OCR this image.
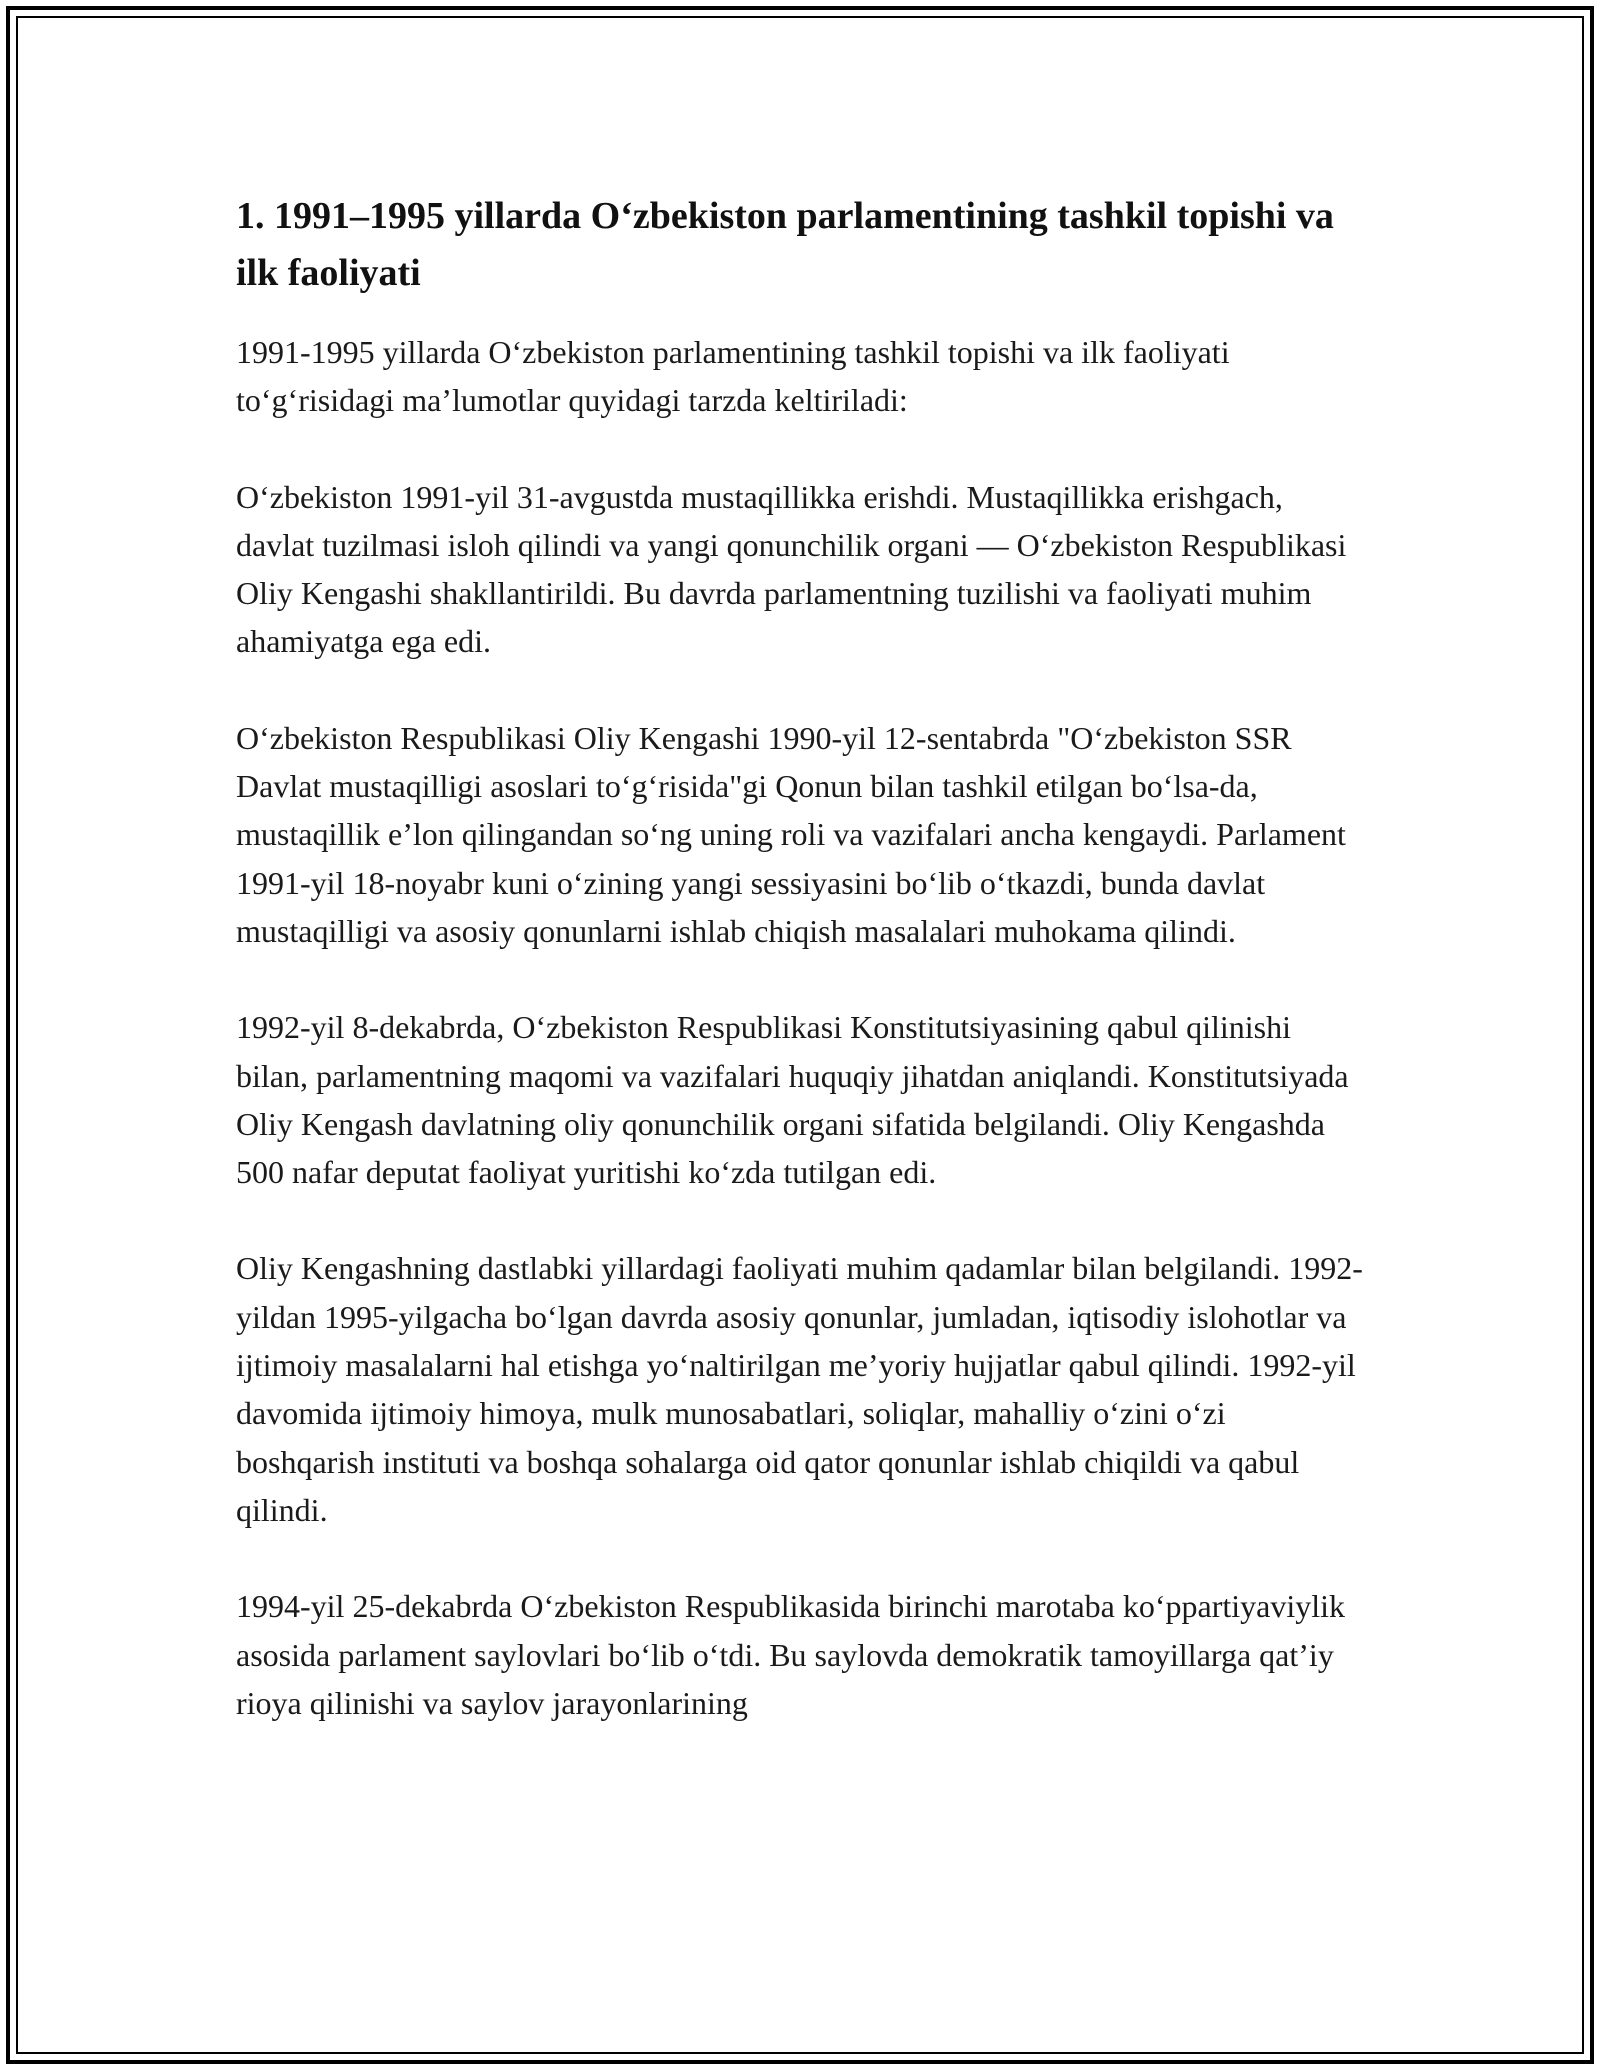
1. 1991–1995 yillarda O‘zbekiston parlamentining tashkil topishi va ilk faoliyati

1991-1995 yillarda O‘zbekiston parlamentining tashkil topishi va ilk faoliyati to‘g‘risidagi ma’lumotlar quyidagi tarzda keltiriladi:

O‘zbekiston 1991-yil 31-avgustda mustaqillikka erishdi. Mustaqillikka erishgach, davlat tuzilmasi isloh qilindi va yangi qonunchilik organi — O‘zbekiston Respublikasi Oliy Kengashi shakllantirildi. Bu davrda parlamentning tuzilishi va faoliyati muhim ahamiyatga ega edi.

O‘zbekiston Respublikasi Oliy Kengashi 1990-yil 12-sentabrda "O‘zbekiston SSR Davlat mustaqilligi asoslari to‘g‘risida"gi Qonun bilan tashkil etilgan bo‘lsa-da, mustaqillik e’lon qilingandan so‘ng uning roli va vazifalari ancha kengaydi. Parlament 1991-yil 18-noyabr kuni o‘zining yangi sessiyasini bo‘lib o‘tkazdi, bunda davlat mustaqilligi va asosiy qonunlarni ishlab chiqish masalalari muhokama qilindi.

1992-yil 8-dekabrda, O‘zbekiston Respublikasi Konstitutsiyasining qabul qilinishi bilan, parlamentning maqomi va vazifalari huquqiy jihatdan aniqlandi. Konstitutsiyada Oliy Kengash davlatning oliy qonunchilik organi sifatida belgilandi. Oliy Kengashda 500 nafar deputat faoliyat yuritishi ko‘zda tutilgan edi.

Oliy Kengashning dastlabki yillardagi faoliyati muhim qadamlar bilan belgilandi. 1992-yildan 1995-yilgacha bo‘lgan davrda asosiy qonunlar, jumladan, iqtisodiy islohotlar va ijtimoiy masalalarni hal etishga yo‘naltirilgan me’yoriy hujjatlar qabul qilindi. 1992-yil davomida ijtimoiy himoya, mulk munosabatlari, soliqlar, mahalliy o‘zini o‘zi boshqarish instituti va boshqa sohalarga oid qator qonunlar ishlab chiqildi va qabul qilindi.

1994-yil 25-dekabrda O‘zbekiston Respublikasida birinchi marotaba ko‘ppartiyaviylik asosida parlament saylovlari bo‘lib o‘tdi. Bu saylovda demokratik tamoyillarga qat’iy rioya qilinishi va saylov jarayonlarining
